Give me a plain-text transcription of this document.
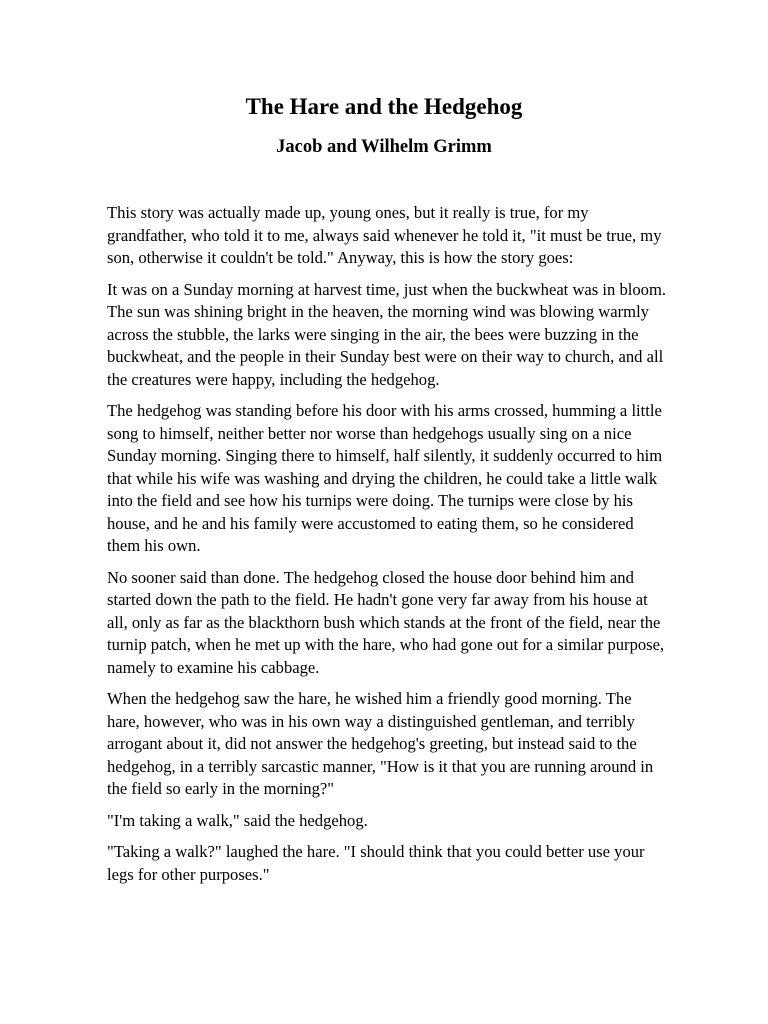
The Hare and the Hedgehog
Jacob and Wilhelm Grimm

This story was actually made up, young ones, but it really is true, for my grandfather, who told it to me, always said whenever he told it, "it must be true, my son, otherwise it couldn't be told." Anyway, this is how the story goes:

It was on a Sunday morning at harvest time, just when the buckwheat was in bloom. The sun was shining bright in the heaven, the morning wind was blowing warmly across the stubble, the larks were singing in the air, the bees were buzzing in the buckwheat, and the people in their Sunday best were on their way to church, and all the creatures were happy, including the hedgehog.

The hedgehog was standing before his door with his arms crossed, humming a little song to himself, neither better nor worse than hedgehogs usually sing on a nice Sunday morning. Singing there to himself, half silently, it suddenly occurred to him that while his wife was washing and drying the children, he could take a little walk into the field and see how his turnips were doing. The turnips were close by his house, and he and his family were accustomed to eating them, so he considered them his own.

No sooner said than done. The hedgehog closed the house door behind him and started down the path to the field. He hadn't gone very far away from his house at all, only as far as the blackthorn bush which stands at the front of the field, near the turnip patch, when he met up with the hare, who had gone out for a similar purpose, namely to examine his cabbage.

When the hedgehog saw the hare, he wished him a friendly good morning. The hare, however, who was in his own way a distinguished gentleman, and terribly arrogant about it, did not answer the hedgehog's greeting, but instead said to the hedgehog, in a terribly sarcastic manner, "How is it that you are running around in the field so early in the morning?"

"I'm taking a walk," said the hedgehog.

"Taking a walk?" laughed the hare. "I should think that you could better use your legs for other purposes."
